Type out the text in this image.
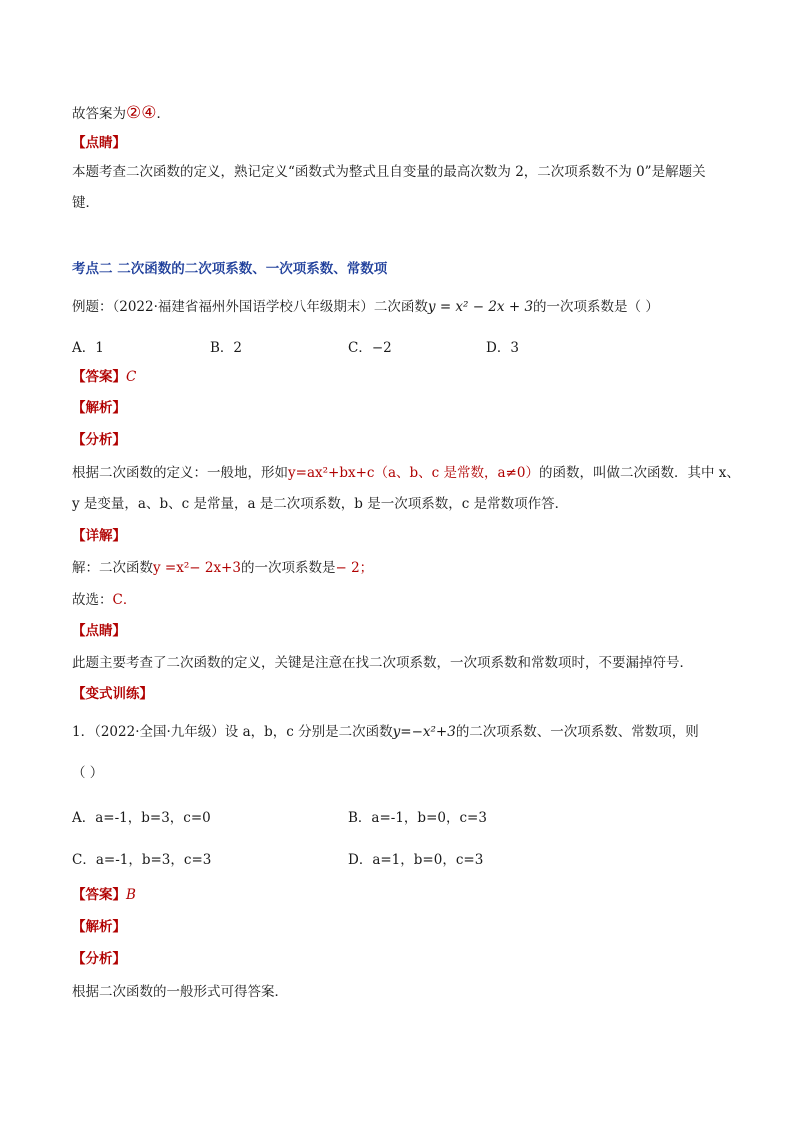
故答案为②④．
【点睛】
本题考查二次函数的定义，熟记定义“函数式为整式且自变量的最高次数为 2，二次项系数不为 0”是解题关键．
考点二 二次函数的二次项系数、一次项系数、常数项
例题：（2022·福建省福州外国语学校八年级期末）二次函数y = x² − 2x + 3的一次项系数是（ ）
A．1	B．2	C．−2	D．3
【答案】C
【解析】
【分析】
根据二次函数的定义：一般地，形如y=ax²+bx+c（a、b、c 是常数，a≠0）的函数，叫做二次函数．其中 x、
y 是变量，a、b、c 是常量，a 是二次项系数，b 是一次项系数，c 是常数项作答．
【详解】
解：二次函数y =x²− 2x+3的一次项系数是− 2；
故选：C．
【点睛】
此题主要考查了二次函数的定义，关键是注意在找二次项系数，一次项系数和常数项时，不要漏掉符号．
【变式训练】
1．（2022·全国·九年级）设 a，b，c 分别是二次函数y=−x²+3的二次项系数、一次项系数、常数项，则
（ ）
A．a=-1，b=3，c=0	B．a=-1，b=0，c=3
C．a=-1，b=3，c=3	D．a=1，b=0，c=3
【答案】B
【解析】
【分析】
根据二次函数的一般形式可得答案．
